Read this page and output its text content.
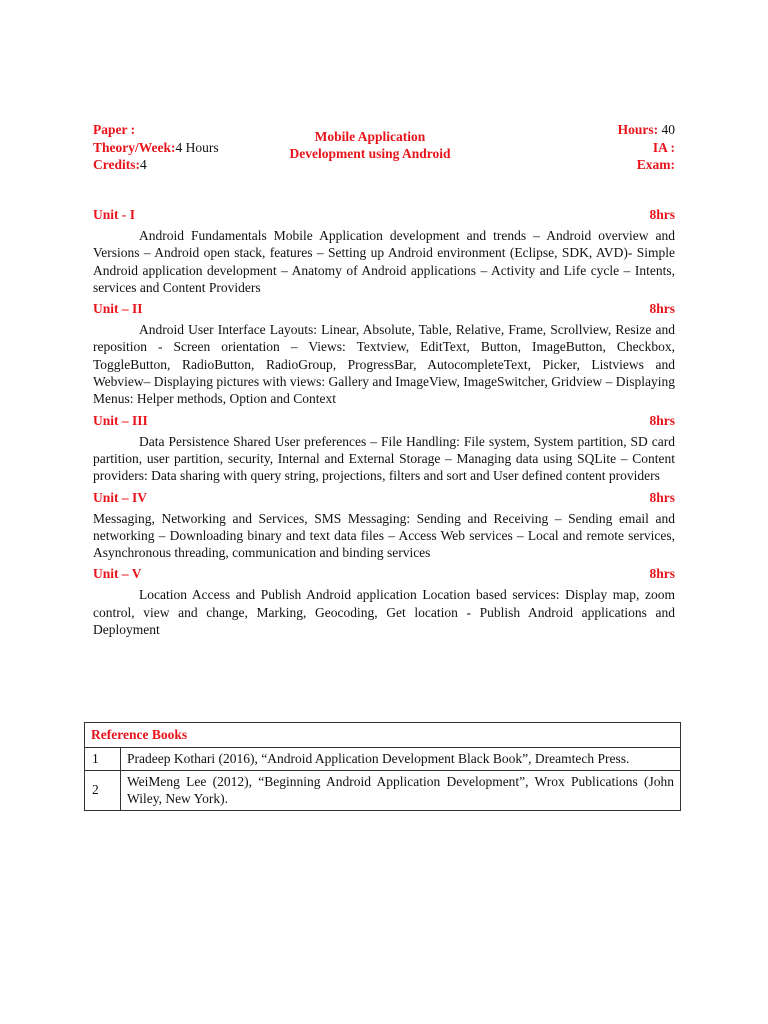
Paper :
Theory/Week:4 Hours
Credits:4
Mobile Application
Development using Android
Hours: 40
IA :
Exam:
Unit - I	8hrs

Android Fundamentals Mobile Application development and trends – Android overview and Versions – Android open stack, features – Setting up Android environment (Eclipse, SDK, AVD)- Simple Android application development – Anatomy of Android applications – Activity and Life cycle – Intents, services and Content Providers

Unit – II	8hrs

Android User Interface Layouts: Linear, Absolute, Table, Relative, Frame, Scrollview, Resize and reposition - Screen orientation – Views: Textview, EditText, Button, ImageButton, Checkbox, ToggleButton, RadioButton, RadioGroup, ProgressBar, AutocompleteText, Picker, Listviews and Webview– Displaying pictures with views: Gallery and ImageView, ImageSwitcher, Gridview – Displaying Menus: Helper methods, Option and Context

Unit – III	8hrs

Data Persistence Shared User preferences – File Handling: File system, System partition, SD card partition, user partition, security, Internal and External Storage – Managing data using SQLite – Content providers: Data sharing with query string, projections, filters and sort and User defined content providers

Unit – IV	8hrs

Messaging, Networking and Services, SMS Messaging: Sending and Receiving – Sending email and networking – Downloading binary and text data files – Access Web services – Local and remote services, Asynchronous threading, communication and binding services

Unit – V	8hrs

Location Access and Publish Android application Location based services: Display map, zoom control, view and change, Marking, Geocoding, Get location - Publish Android applications and Deployment

Reference Books	
1	Pradeep Kothari (2016), “Android Application Development Black Book”, Dreamtech Press.
2	WeiMeng Lee (2012), “Beginning Android Application Development”, Wrox Publications (John Wiley, New York).
